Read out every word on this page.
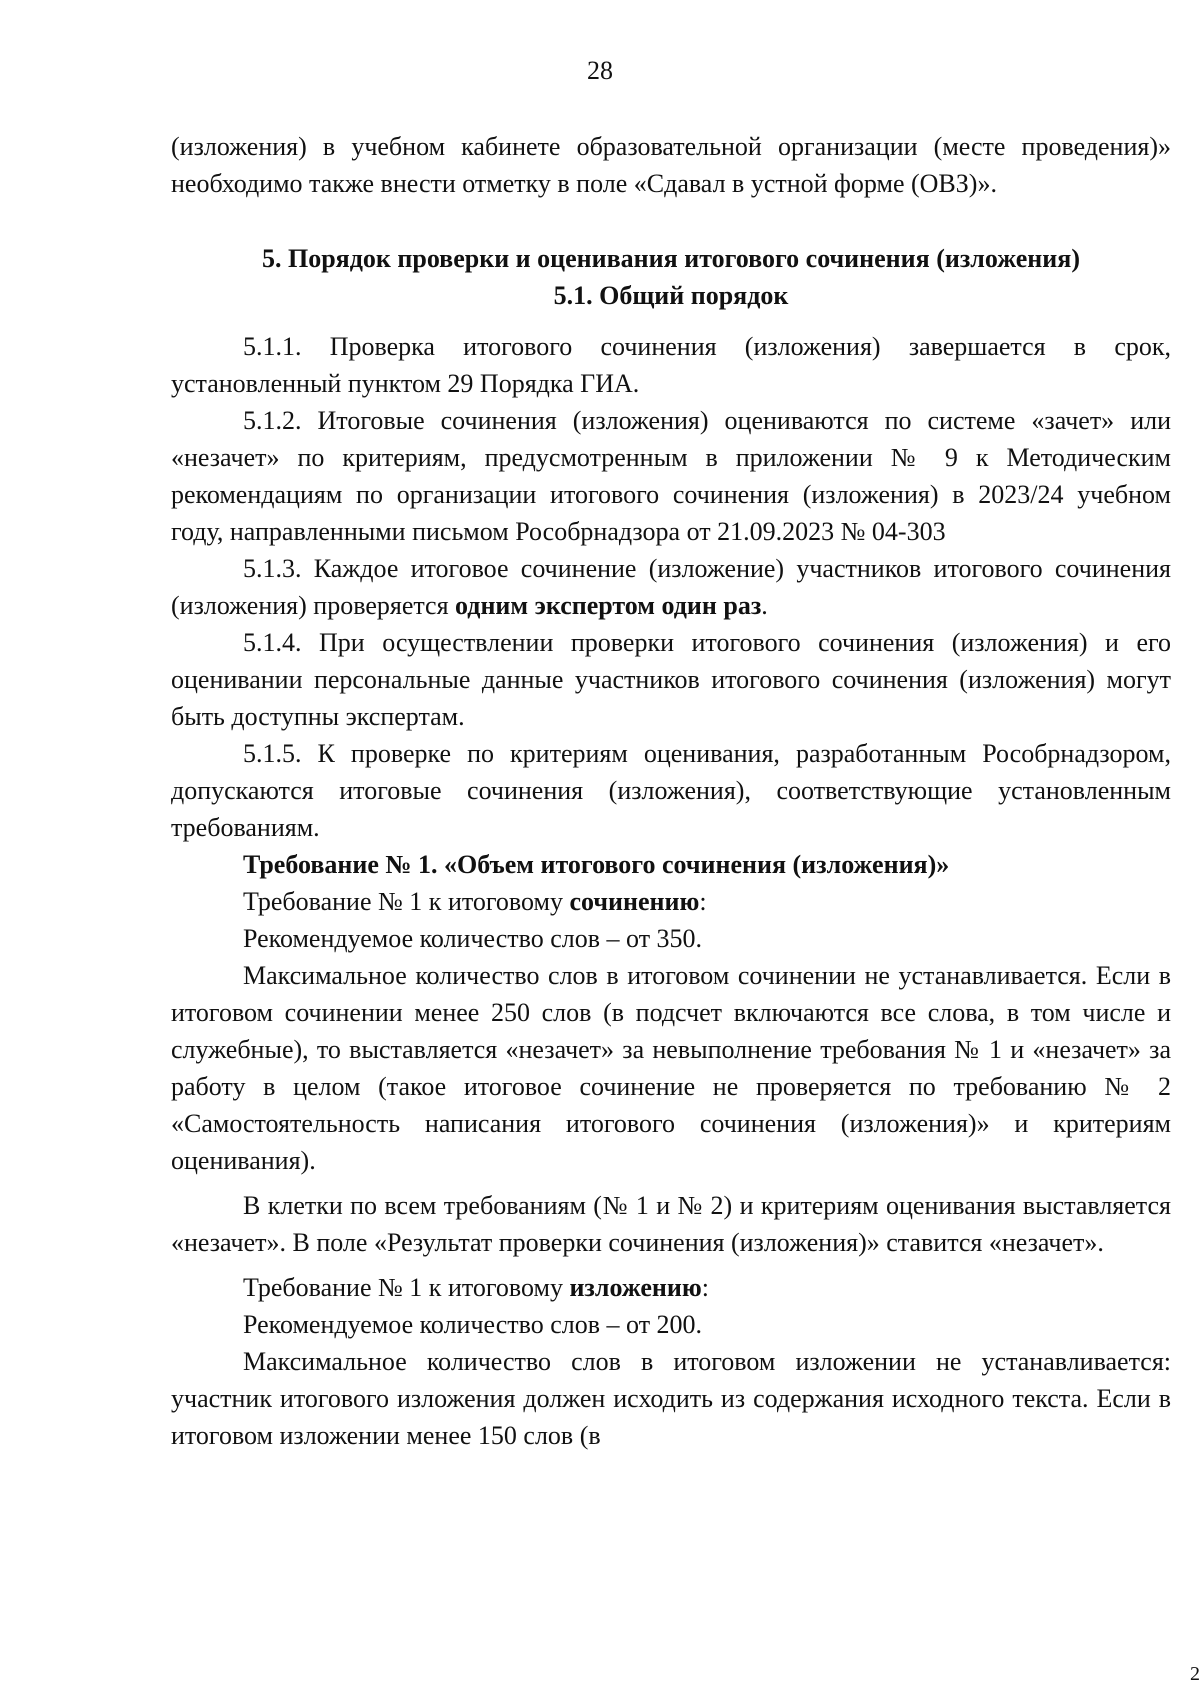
28

(изложения) в учебном кабинете образовательной организации (месте проведения)» необходимо также внести отметку в поле «Сдавал в устной форме (ОВЗ)».

5. Порядок проверки и оценивания итогового сочинения (изложения)

5.1. Общий порядок

5.1.1. Проверка итогового сочинения (изложения) завершается в срок, установленный пунктом 29 Порядка ГИА.

5.1.2. Итоговые сочинения (изложения) оцениваются по системе «зачет» или «незачет» по критериям, предусмотренным в приложении № 9 к Методическим рекомендациям по организации итогового сочинения (изложения) в 2023/24 учебном году, направленными письмом Рособрнадзора от 21.09.2023 № 04-303

5.1.3. Каждое итоговое сочинение (изложение) участников итогового сочинения (изложения) проверяется одним экспертом один раз.

5.1.4. При осуществлении проверки итогового сочинения (изложения) и его оценивании персональные данные участников итогового сочинения (изложения) могут быть доступны экспертам.

5.1.5. К проверке по критериям оценивания, разработанным Рособрнадзором, допускаются итоговые сочинения (изложения), соответствующие установленным требованиям.

Требование № 1. «Объем итогового сочинения (изложения)»

Требование № 1 к итоговому сочинению:

Рекомендуемое количество слов – от 350.

Максимальное количество слов в итоговом сочинении не устанавливается. Если в итоговом сочинении менее 250 слов (в подсчет включаются все слова, в том числе и служебные), то выставляется «незачет» за невыполнение требования № 1 и «незачет» за работу в целом (такое итоговое сочинение не проверяется по требованию № 2 «Самостоятельность написания итогового сочинения (изложения)» и критериям оценивания).

В клетки по всем требованиям (№ 1 и № 2) и критериям оценивания выставляется «незачет». В поле «Результат проверки сочинения (изложения)» ставится «незачет».

Требование № 1 к итоговому изложению:

Рекомендуемое количество слов – от 200.

Максимальное количество слов в итоговом изложении не устанавливается: участник итогового изложения должен исходить из содержания исходного текста. Если в итоговом изложении менее 150 слов (в

2
